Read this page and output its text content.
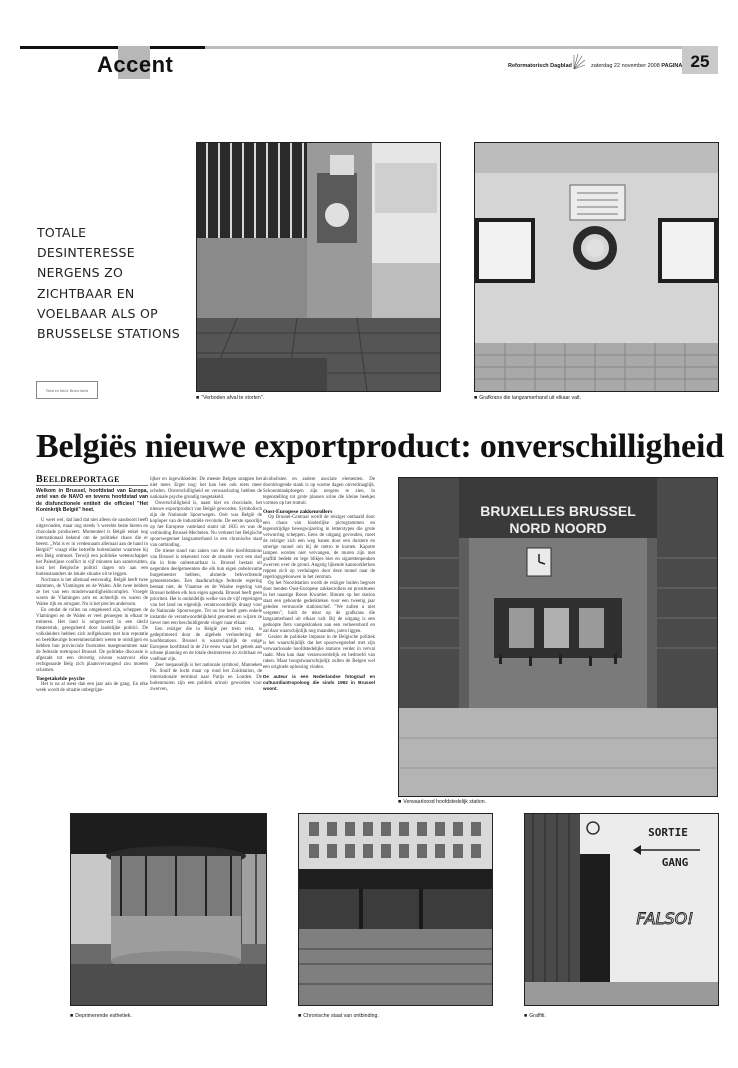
Accent	Reformatorisch Dagblad	zaterdag 22 november 2008 PAGINA 25
TOTALE
DESINTERESSE
NERGENS ZO
ZICHTBAAR EN
VOELBAAR ALS OP
BRUSSELSE STATIONS
Tekst en foto's: Bruno Aerts
■ "Verboden afval te storten".	■ Grafkrans die langzamerhand uit elkaar valt.
Belgiës nieuwe exportproduct: onverschilligheid
BEELDREPORTAGE
Welkom in Brussel, hoofdstad van Europa, zetel van de NAVO en tevens hoofdstad van de disfunctionele entiteit die officieel "Het Koninkrijk België" heet.

U weet wel, dat land dat niet alleen de sasoboort heeft uitgevonden, maar nog steeds 's werelds beste bieren en chocolade produceert. Momenteel is België enkel nog internationaal bekend om de politieke chaos die er heerst. „Wat is er in vredesnaam allemaal aan de hand in België?” vraagt elke betrefde buitenlander waarmee hij een Belg ontmoet. Terwijl een politieke wetenschapper het Palestijnse conflict in vijf minuten kan samenvatten, kost het Belgische politici dagen om aan een buitenstaanders de lokale situatie uit te leggen.

Nochtans is het allemaal eenvoudig. België heeft twee stammen, de Vlamingen en de Walen. Alle twee hebben ze het van een minderwaardigheidscomplex. Vroeger waren de Vlamingen arm en achterlijk en waren de Walen rijk en arrogant. Nu is het precies andersom.

En omdat de rollen nu omgekeerd zijn, scheppen de Vlamingen en de Walen er veel genoegen in elkaar te treiteren. Het land is omgetoverd in een slecht theaterstuk, gereguleerd door landelijke politici. De volksleiders hebben zich zelfgekozen met hun reputatie en beeldkeurige boerenmentaliteit weten te ontstijgen en hebben hun provinciale frustraties maegenommen naar de federale metropool Brussel. De politieke discussie is afgezakt tot een drovetig niveau waarvoor elke rechtgeaarde Belg zich plaatsvervangend zou moeten schamen.

Toegetakelde psyche

Het is na al meer dan een jaar aan de gang. En elke week wordt de situatie onbegrijpe-

lijker en ingewikkelder. De meeste Belgen snappen het niet meer. Erger nog: het kan hen ook niets meer schelen. Onverschilligheid en verwaarlozing hebben de nationale psyche grondig toegetakeld.

Onverschilligheid is, naast bier en chocolade, het nieuwe exportproduct van België geworden. Symbolisch zijn de Nationale Spoorwegen. Ooit was België de koploper van de industriële revolutie. De eerste spoorlijn op het Europese vasteland stamt uit 1835 en was de verbinding Brussel-Mechelen. Nu verkeert het Belgische spoorwegennet langzamerhand in een chronische staat van ontbinding.

De trieste stand van zaken van de drie hoofdstations van Brussel is tekenend voor de situatie voor een stad die in feite onbestuurbaar is. Brussel bestaat uit negentien deelgemeenten die elk hun eigen onbelovame burgemeester hebben, alsmede bekvechtende gemeenteraden. Een daadkrachtige federale regering bestaat niet, de Vlaamse en de Waalse regering van Brussel hebben elk hun eigen agenda. Brussel heeft geen prioriteit. Het is onduidelijk welke van de vijf regeringen van het land nu eigenlijk verantwoordelijk draagt voor de Nationale Spoorwegen. Tot nu toe heeft geen enkele instantie de verantwoordelijkheid genomen en wijzen ze liever met een beschuldigende vinger naar elkaar.

Een reiziger die in België per trein reist, is gedeprimeerd door de algehele verloedering der hoofdstations. Brussel is waarschijnlijk de enige Europese hoofdstad in de 21e eeuw waar het gebrek aan urbane planning en de totale desinteresse zo zichtbaar en voelbaar zijn.

Zeer toepasselijk is het nationale symbool, Manneken Pis. Snuif de lucht maar op rond het Zuidstation, de internationale terminal naar Parijs en Londen. De buitenmuren zijn een publiek urinoir geworden voor zwerven,

alcoholisten en andere asociale elementen. De doordringende stank is op warme dagen onverdraaglijk. Schoonmaakploegen zijn nergens te zien, in tegenstelling tot grote plassen urine die kleine beekjes vormen op het trottoir.

Oost-Europese zakkenrollers

Op Brussel-Centraal wordt de reiziger onthaald door een chaos van kinderlijke pictogrammen en tegenstrijdige bewegwijzering in letterstypes die grote verwarring scheppen. Eens de uitgang gevonden, moet de reiziger zich een weg banen door een duistere en smerige tunnel om bij de metro te komen. Kapotte lampen worden niet vervangen, de muren zijn met graffiti bedekt en lege blikjes bier en sigarettenpeuken zwerven over de grond. Angstig lijkende kantoorklerken reppen zich op verdulagen door deze tunnel naar de regeringsgebouwen in het centrum.

Op het Noordstation wordt de reiziger buiten begroet door benden Oost-Europese zakkenrollers en prostituees in het naastige Rosse Kwartier. Binnen op het station staat een geboorde gedenkteken voor een tweetig jaar geleden vermoorde stationschef. "We zullen u niet vergeten", luidt de tekst op de grafkrans die langzamerhand uit elkaar valt. Bij de uitgang is een gedoopte fiets vastgeklonken aan een verkeersbord en zal daar waarschijnlijk nog maanden, jaren liggen.

Gezien de politieke impasse in de Belgische politiek is het waarschijnlijk dat het spoorwegstelsel met zijn verwaarloosde hoofdstedelijke stations verder in verval raakt. Mea kan daar veranwoordelijk en bedroefd van raken. Maar hoogstwaarschijnlijk zullen de Belgen wel een originele oplossing vinden.

De auteur is een Nederlandse fotograaf en cultuurdiantropoloog die sinds 1992 in Brussel woont.
BRUXELLES BRUSSEL
NORD NOORD
■ Verwaarloosd hoofdstedelijk station.
■ Deprimerende esthetiek.	■ Chronische staat van ontbinding.
SORTIE
GANG
FALSO!
■ Graffiti.
